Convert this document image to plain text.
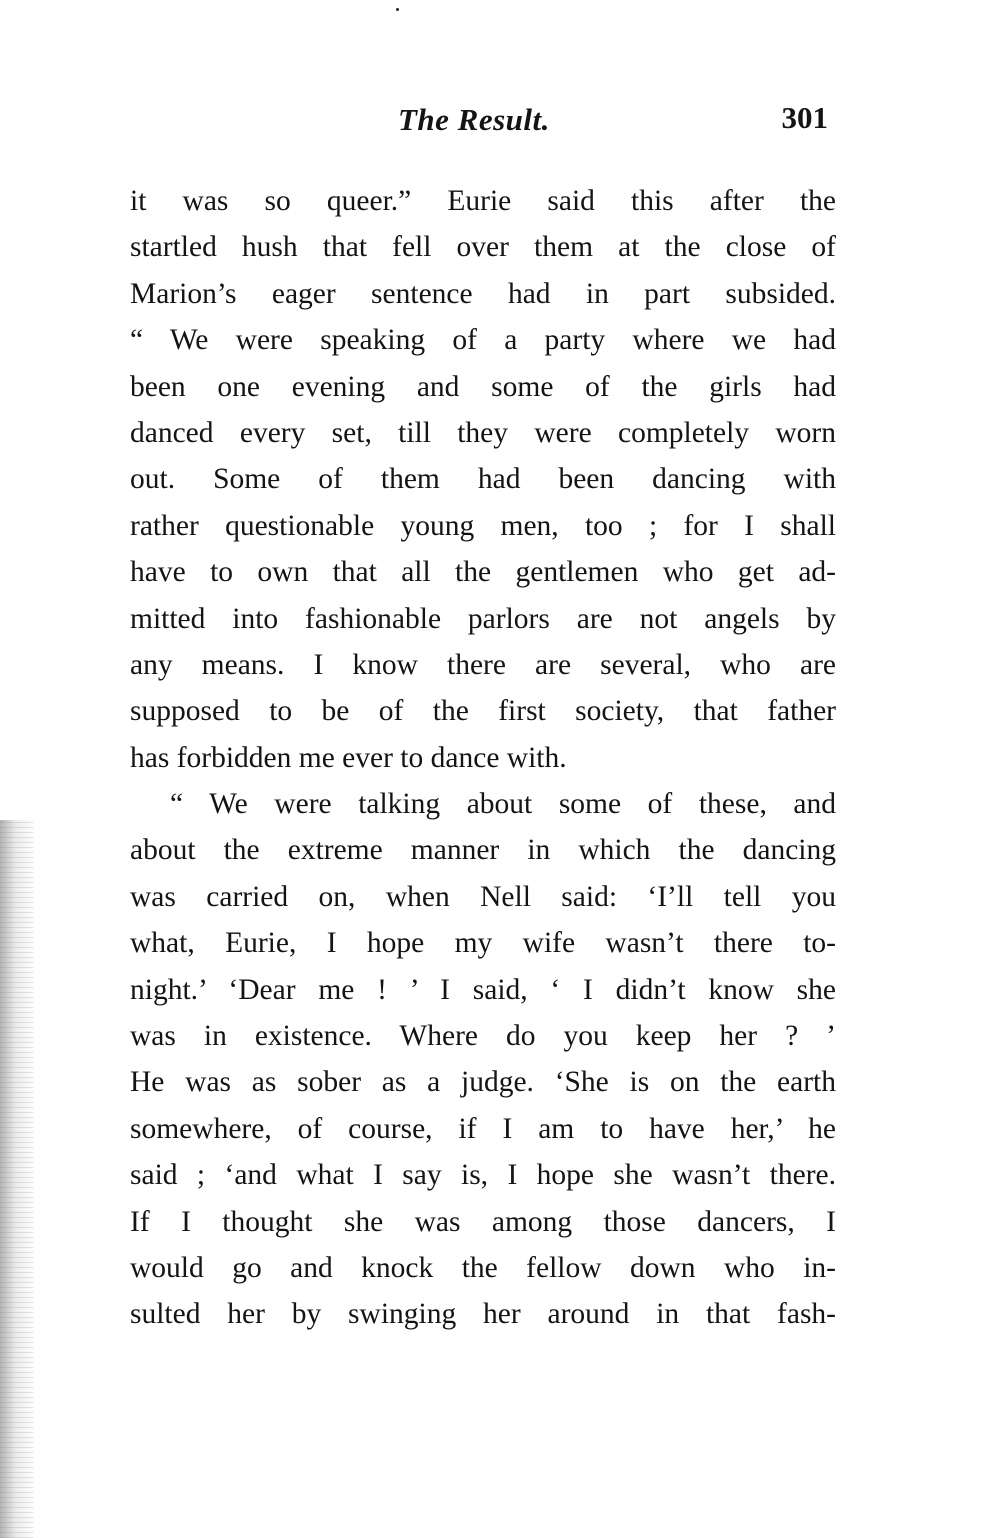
The Result.	301
it was so queer.” Eurie said this after the
startled hush that fell over them at the close of
Marion’s eager sentence had in part subsided.
“ We were speaking of a party where we had
been one evening and some of the girls had
danced every set, till they were completely worn
out. Some of them had been dancing with
rather questionable young men, too ; for I shall
have to own that all the gentlemen who get ad-
mitted into fashionable parlors are not angels by
any means. I know there are several, who are
supposed to be of the first society, that father
has forbidden me ever to dance with.
“ We were talking about some of these, and
about the extreme manner in which the dancing
was carried on, when Nell said: ‘I’ll tell you
what, Eurie, I hope my wife wasn’t there to-
night.’ ‘Dear me ! ’ I said, ‘ I didn’t know she
was in existence. Where do you keep her ? ’
He was as sober as a judge. ‘She is on the earth
somewhere, of course, if I am to have her,’ he
said ; ‘and what I say is, I hope she wasn’t there.
If I thought she was among those dancers, I
would go and knock the fellow down who in-
sulted her by swinging her around in that fash-
